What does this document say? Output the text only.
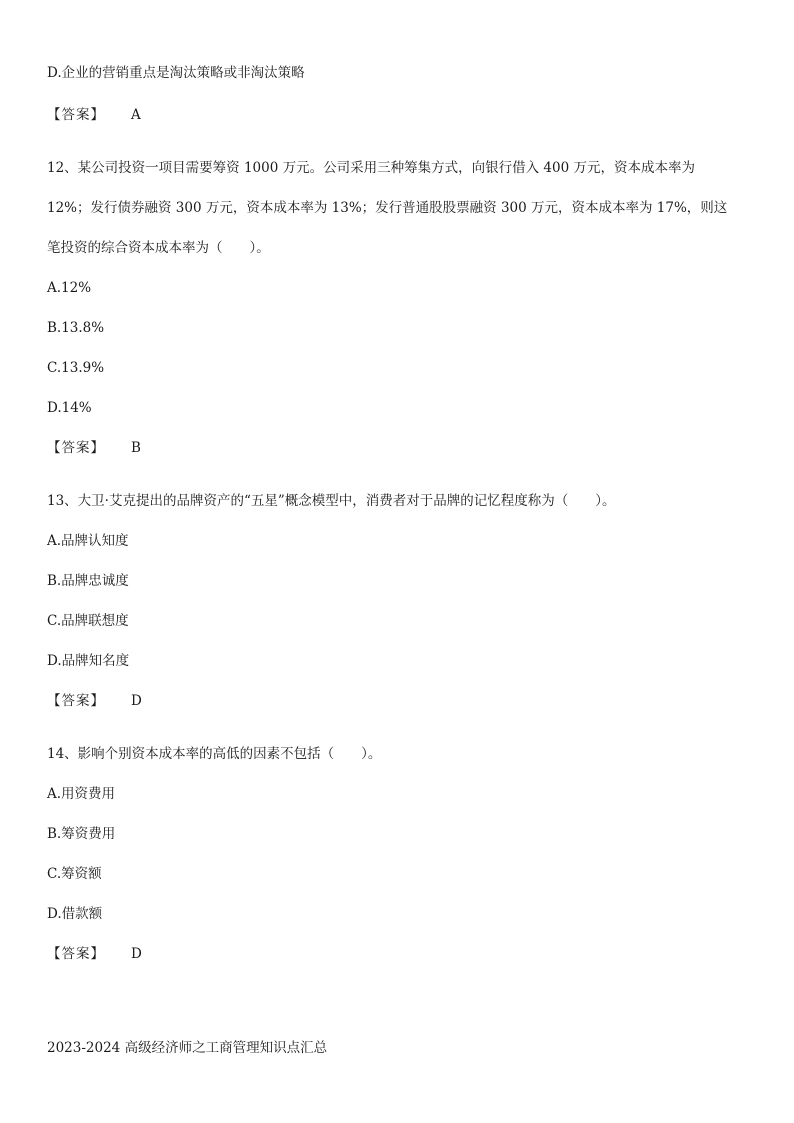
D.企业的营销重点是淘汰策略或非淘汰策略
【答案】 A
12、某公司投资一项目需要筹资 1000 万元。公司采用三种筹集方式，向银行借入 400 万元，资本成本率为
12%；发行债券融资 300 万元，资本成本率为 13%；发行普通股股票融资 300 万元，资本成本率为 17%，则这
笔投资的综合资本成本率为（　　）。
A.12%
B.13.8%
C.13.9%
D.14%
【答案】 B
13、大卫·艾克提出的品牌资产的“五星”概念模型中，消费者对于品牌的记忆程度称为（　　）。
A.品牌认知度
B.品牌忠诚度
C.品牌联想度
D.品牌知名度
【答案】 D
14、影响个别资本成本率的高低的因素不包括（　　）。
A.用资费用
B.筹资费用
C.筹资额
D.借款额
【答案】 D
2023-2024 高级经济师之工商管理知识点汇总
